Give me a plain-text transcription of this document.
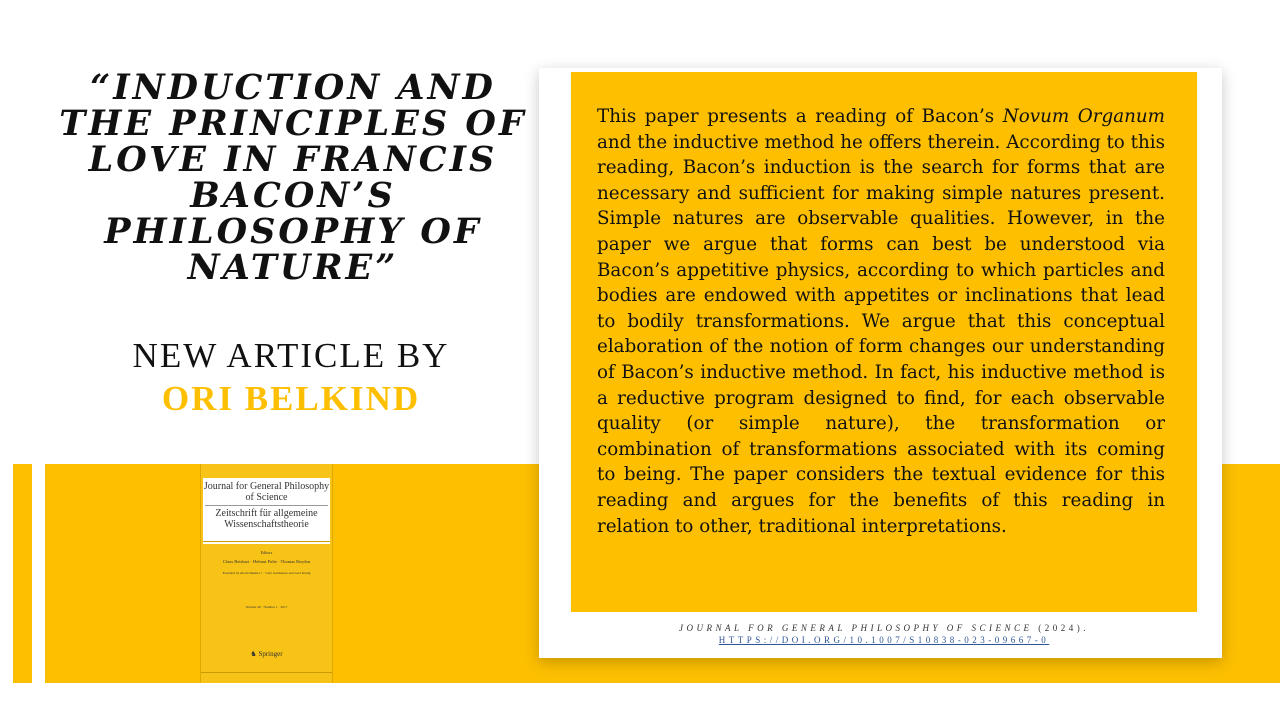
“INDUCTION AND THE PRINCIPLES OF LOVE IN FRANCIS BACON’S PHILOSOPHY OF NATURE”
NEW ARTICLE BY
ORI BELKIND
Journal for General Philosophy of Science
Zeitschrift für allgemeine Wissenschaftstheorie
Editors
Claus Beisbart · Helmut Pulte · Thomas Reydon
Founded by Alwin Diemer † · Lutz Geldsetzer and Gert König
Volume 48 · Number 1 · 2017
♞ Springer

This paper presents a reading of Bacon’s Novum Organum and the inductive method he offers therein. According to this reading, Bacon’s induction is the search for forms that are necessary and sufficient for making simple natures present. Simple natures are observable qualities. However, in the paper we argue that forms can best be understood via Bacon’s appetitive physics, according to which particles and bodies are endowed with appetites or inclinations that lead to bodily transformations. We argue that this conceptual elaboration of the notion of form changes our understanding of Bacon’s inductive method. In fact, his inductive method is a reductive program designed to find, for each observable quality (or simple nature), the transformation or combination of transformations associated with its coming to being. The paper considers the textual evidence for this reading and argues for the benefits of this reading in relation to other, traditional interpretations.

JOURNAL FOR GENERAL PHILOSOPHY OF SCIENCE (2024).
HTTPS://DOI.ORG/10.1007/S10838-023-09667-0
